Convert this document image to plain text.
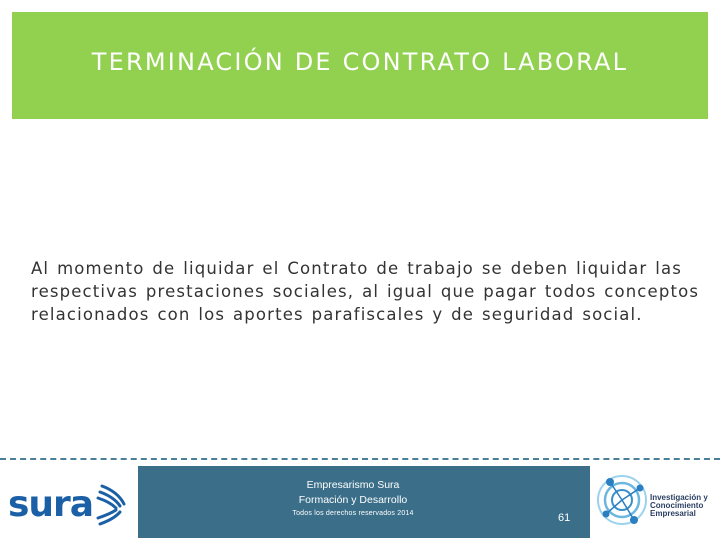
TERMINACIÓN DE CONTRATO LABORAL
Al momento de liquidar el Contrato de trabajo se deben liquidar las respectivas prestaciones sociales, al igual que pagar todos conceptos relacionados con los aportes parafiscales y de seguridad social.
sura	Empresarismo Sura
Formación y Desarrollo
Todos los derechos reservados 2014	61
Investigación y
Conocimiento
Empresarial
